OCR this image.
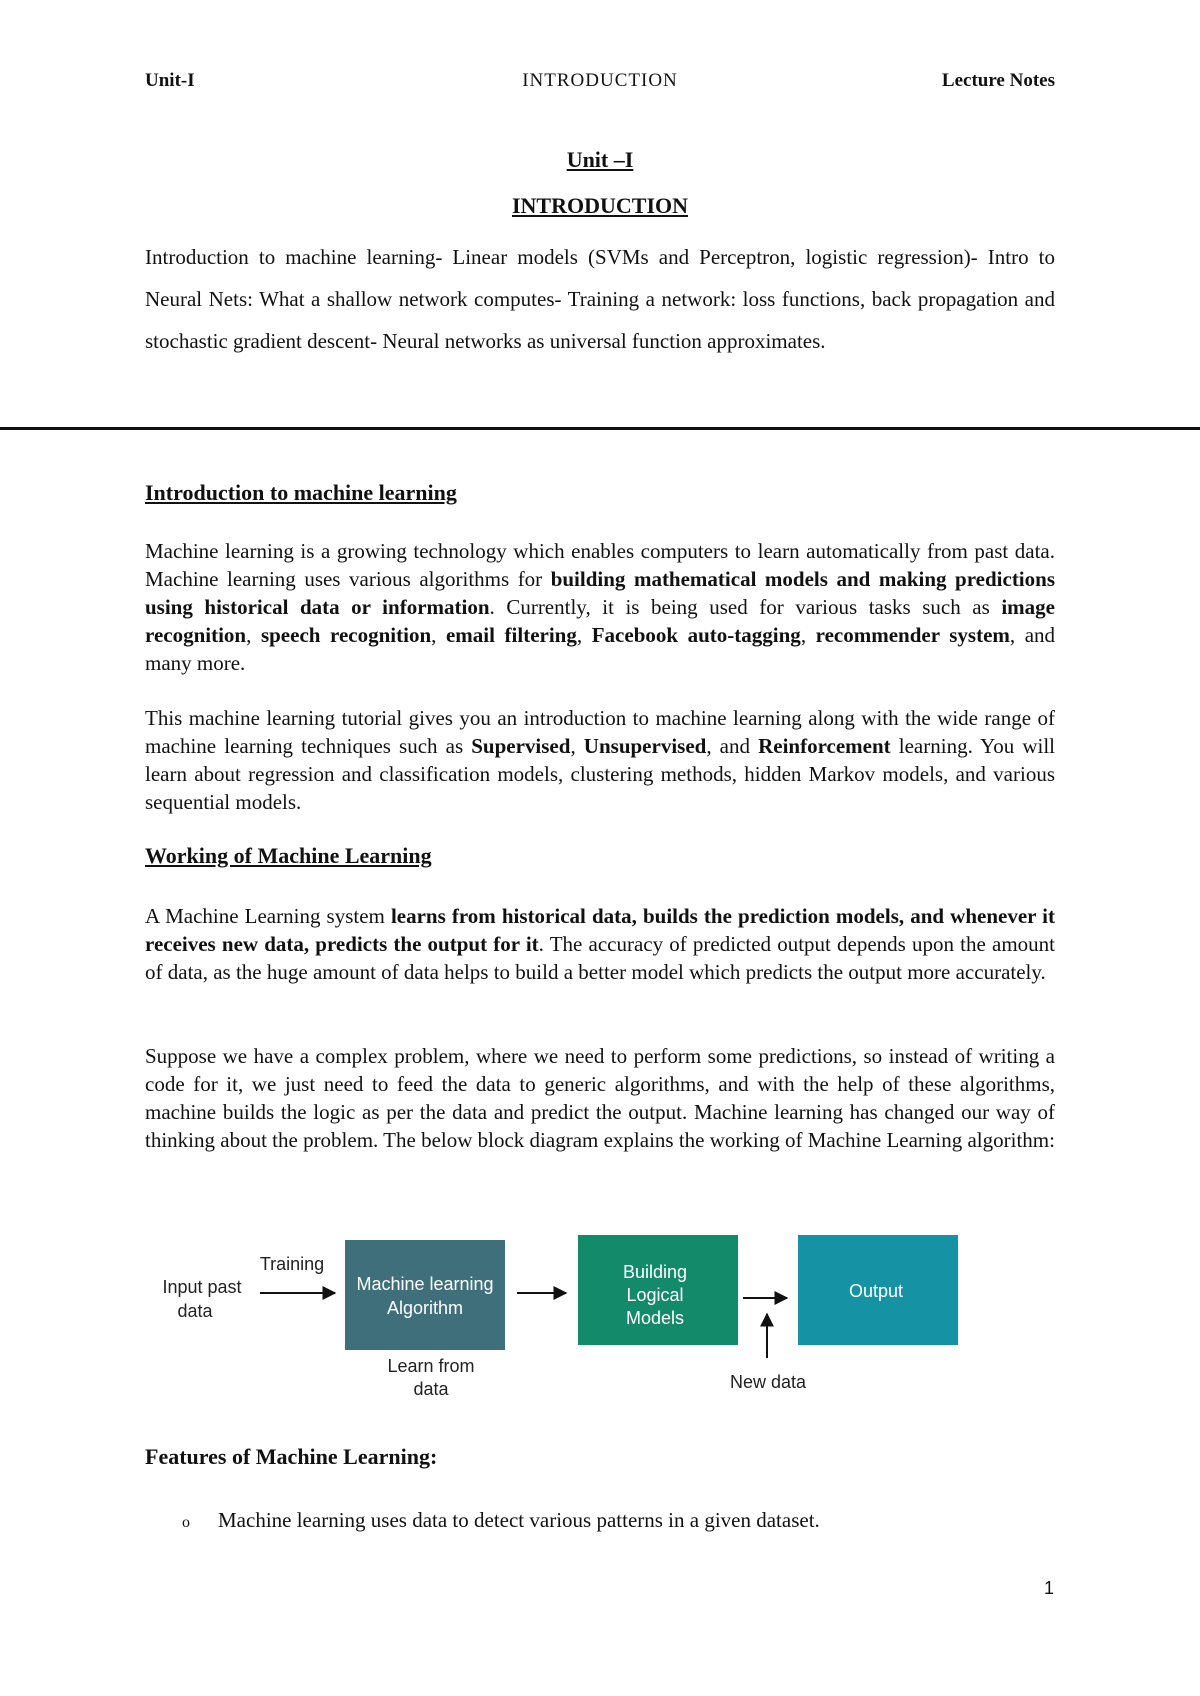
Unit-I	INTRODUCTION	Lecture Notes
Unit –I
INTRODUCTION
Introduction to machine learning- Linear models (SVMs and Perceptron, logistic regression)- Intro to Neural Nets: What a shallow network computes- Training a network: loss functions, back propagation and stochastic gradient descent- Neural networks as universal function approximates.
Introduction to machine learning
Machine learning is a growing technology which enables computers to learn automatically from past data. Machine learning uses various algorithms for building mathematical models and making predictions using historical data or information. Currently, it is being used for various tasks such as image recognition, speech recognition, email filtering, Facebook auto-tagging, recommender system, and many more.
This machine learning tutorial gives you an introduction to machine learning along with the wide range of machine learning techniques such as Supervised, Unsupervised, and Reinforcement learning. You will learn about regression and classification models, clustering methods, hidden Markov models, and various sequential models.
Working of Machine Learning
A Machine Learning system learns from historical data, builds the prediction models, and whenever it receives new data, predicts the output for it. The accuracy of predicted output depends upon the amount of data, as the huge amount of data helps to build a better model which predicts the output more accurately.
Suppose we have a complex problem, where we need to perform some predictions, so instead of writing a code for it, we just need to feed the data to generic algorithms, and with the help of these algorithms, machine builds the logic as per the data and predict the output. Machine learning has changed our way of thinking about the problem. The below block diagram explains the working of Machine Learning algorithm:
Input past
data
Training
Machine learning
Algorithm
Learn from
data
Building
Logical
Models
New data
Output
Features of Machine Learning:
o Machine learning uses data to detect various patterns in a given dataset.
1
